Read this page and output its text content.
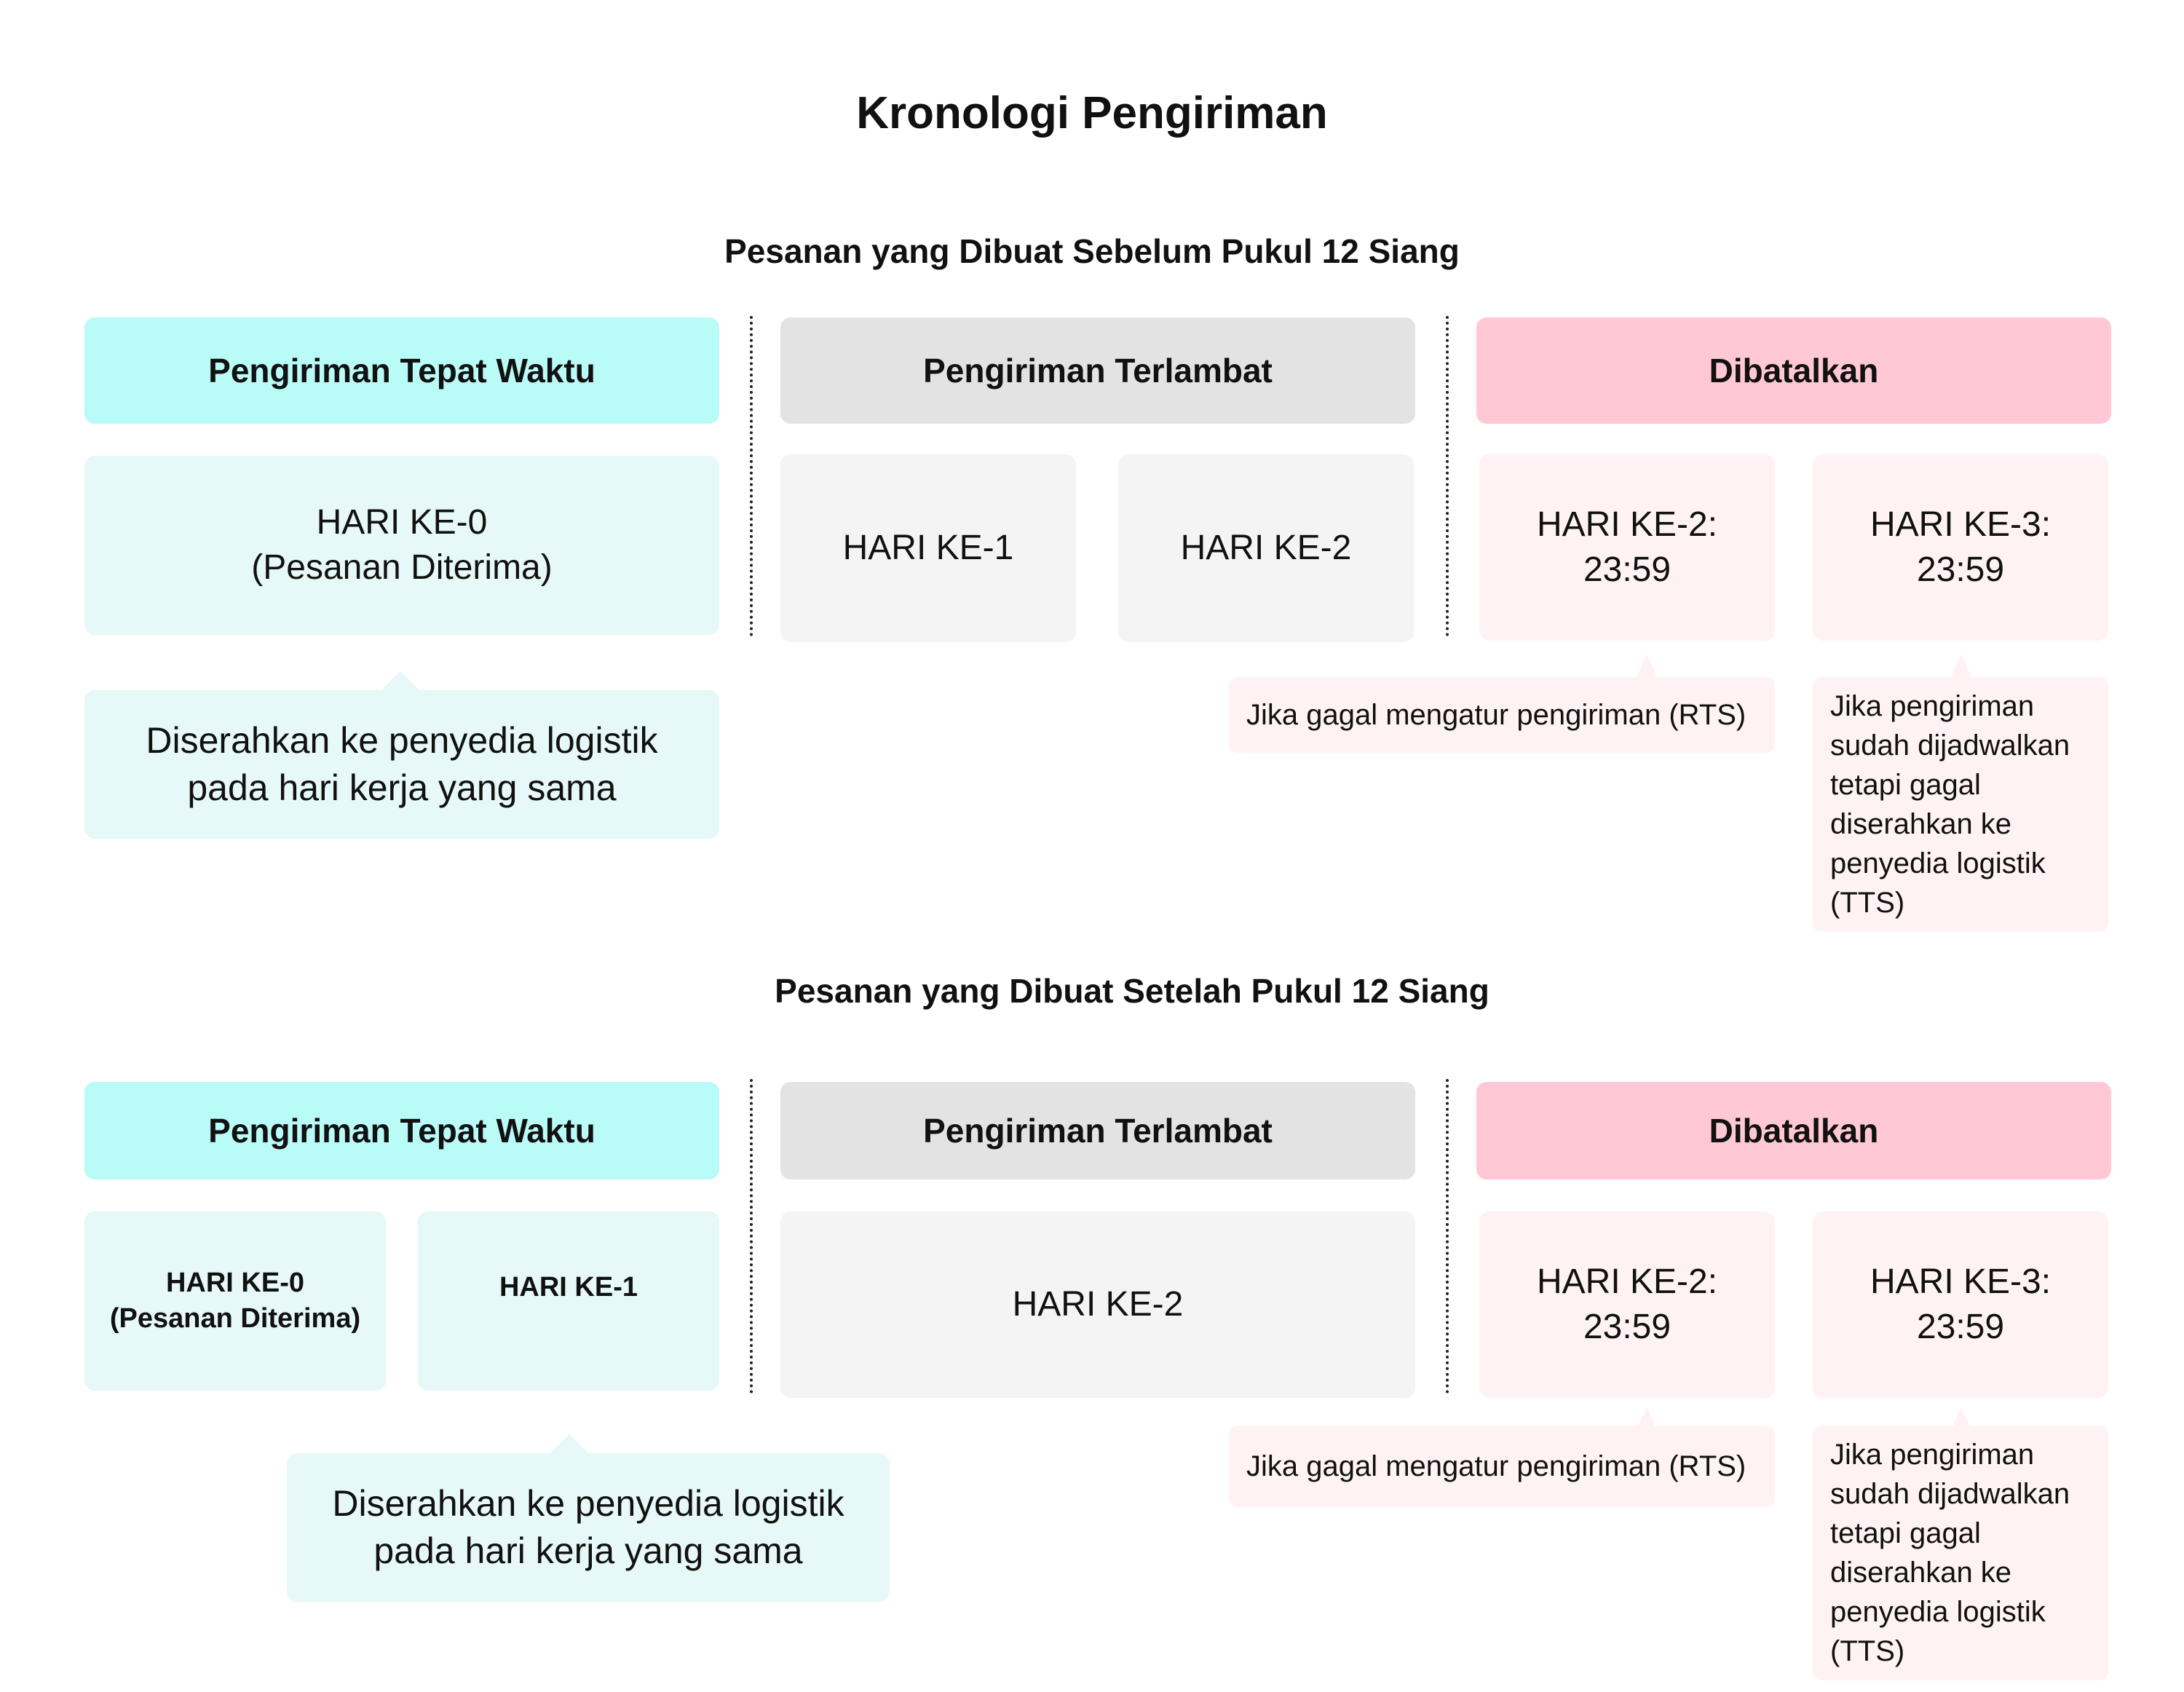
Kronologi Pengiriman
Pesanan yang Dibuat Sebelum Pukul 12 Siang
Pengiriman Tepat Waktu	Pengiriman Terlambat	Dibatalkan
HARI KE-0
(Pesanan Diterima)
HARI KE-1	HARI KE-2
HARI KE-2:
23:59
HARI KE-3:
23:59
Diserahkan ke penyedia logistik
pada hari kerja yang sama
Jika gagal mengatur pengiriman (RTS)	Jika pengiriman
sudah dijadwalkan
tetapi gagal
diserahkan ke
penyedia logistik
(TTS)
Pesanan yang Dibuat Setelah Pukul 12 Siang
Pengiriman Tepat Waktu	Pengiriman Terlambat	Dibatalkan
HARI KE-0
(Pesanan Diterima)
HARI KE-1	HARI KE-2
HARI KE-2:
23:59
HARI KE-3:
23:59
Diserahkan ke penyedia logistik
pada hari kerja yang sama
Jika gagal mengatur pengiriman (RTS)	Jika pengiriman
sudah dijadwalkan
tetapi gagal
diserahkan ke
penyedia logistik
(TTS)
